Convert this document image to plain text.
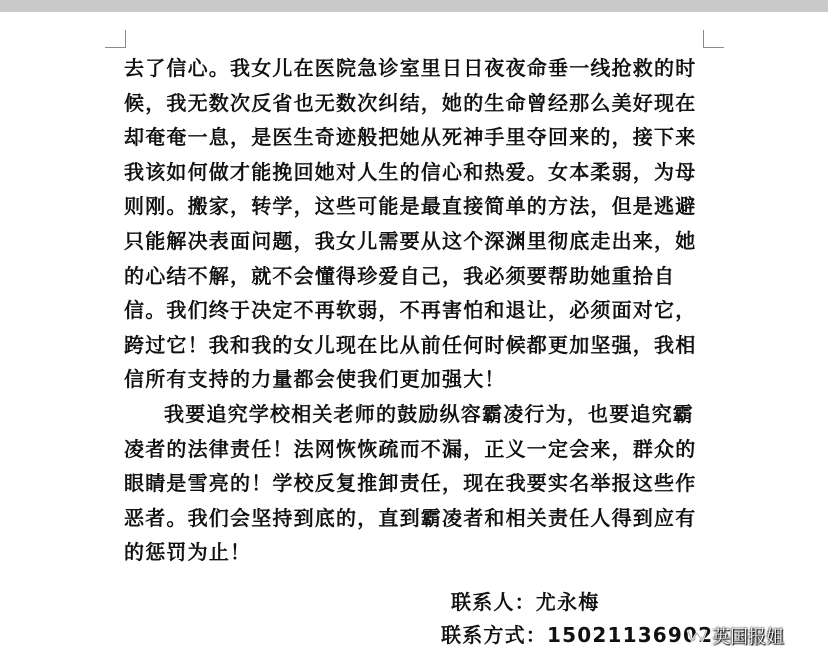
去了信心。我女儿在医院急诊室里日日夜夜命垂一线抢救的时
候，我无数次反省也无数次纠结，她的生命曾经那么美好现在
却奄奄一息，是医生奇迹般把她从死神手里夺回来的，接下来
我该如何做才能挽回她对人生的信心和热爱。女本柔弱，为母
则刚。搬家，转学，这些可能是最直接简单的方法，但是逃避
只能解决表面问题，我女儿需要从这个深渊里彻底走出来，她
的心结不解，就不会懂得珍爱自己，我必须要帮助她重拾自
信。我们终于决定不再软弱，不再害怕和退让，必须面对它，
跨过它！我和我的女儿现在比从前任何时候都更加坚强，我相
信所有支持的力量都会使我们更加强大！
我要追究学校相关老师的鼓励纵容霸凌行为，也要追究霸
凌者的法律责任！法网恢恢疏而不漏，正义一定会来，群众的
眼睛是雪亮的！学校反复推卸责任，现在我要实名举报这些作
恶者。我们会坚持到底的，直到霸凌者和相关责任人得到应有
的惩罚为止！
联系人：尤永梅
联系方式：15021136902
英国报姐
